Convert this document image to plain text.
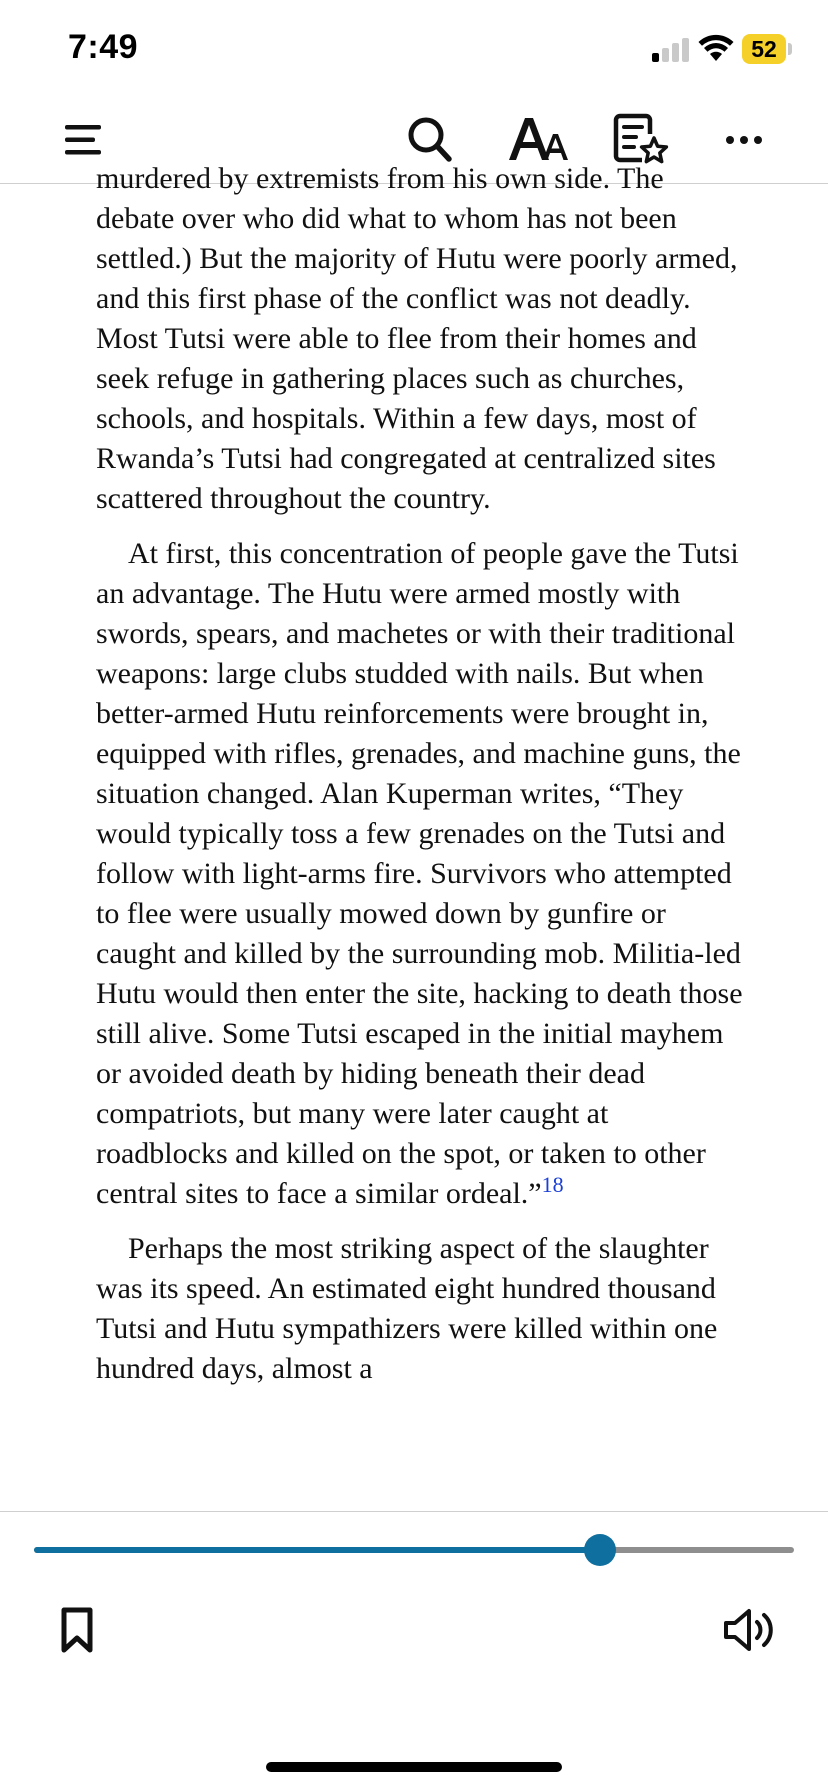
7:49	52

murdered by extremists from his own side. The debate over who did what to whom has not been settled.) But the majority of Hutu were poorly armed, and this first phase of the conflict was not deadly. Most Tutsi were able to flee from their homes and seek refuge in gathering places such as churches, schools, and hospitals. Within a few days, most of Rwanda’s Tutsi had congregated at centralized sites scattered throughout the country.

At first, this concentration of people gave the Tutsi an advantage. The Hutu were armed mostly with swords, spears, and machetes or with their traditional weapons: large clubs studded with nails. But when better-armed Hutu reinforcements were brought in, equipped with rifles, grenades, and machine guns, the situation changed. Alan Kuperman writes, “They would typically toss a few grenades on the Tutsi and follow with light-arms fire. Survivors who attempted to flee were usually mowed down by gunfire or caught and killed by the surrounding mob. Militia-led Hutu would then enter the site, hacking to death those still alive. Some Tutsi escaped in the initial mayhem or avoided death by hiding beneath their dead compatriots, but many were later caught at roadblocks and killed on the spot, or taken to other central sites to face a similar ordeal.”$^{18}$

Perhaps the most striking aspect of the slaughter was its speed. An estimated eight hundred thousand Tutsi and Hutu sympathizers were killed within one hundred days, almost a
